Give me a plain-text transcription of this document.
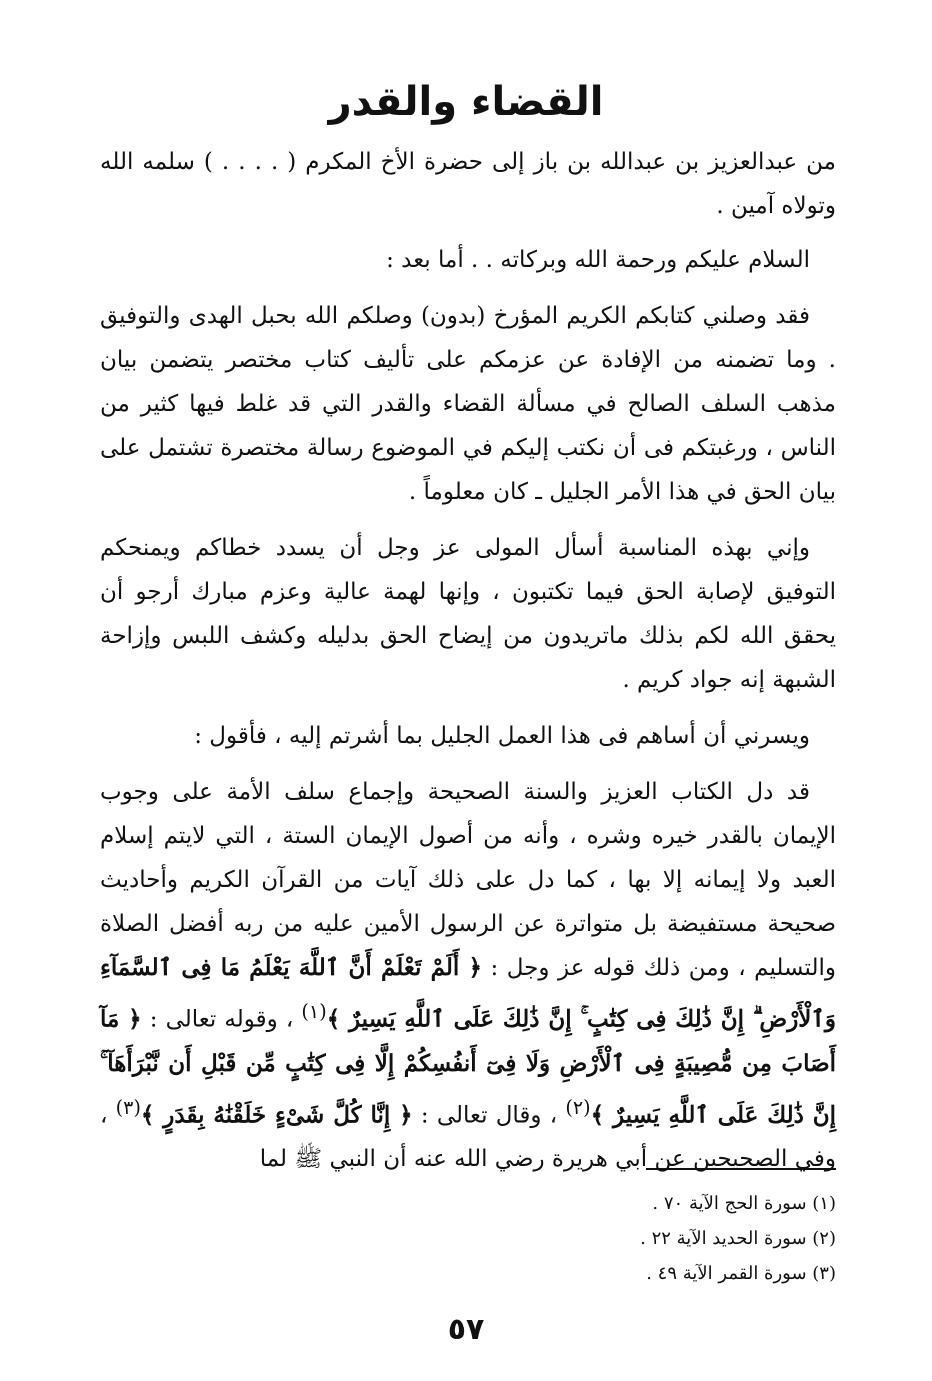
القضاء والقدر

من عبدالعزيز بن عبدالله بن باز إلى حضرة الأخ المكرم ( . . . . ) سلمه الله وتولاه آمين .

السلام عليكم ورحمة الله وبركاته . . أما بعد :

فقد وصلني كتابكم الكريم المؤرخ (بدون) وصلكم الله بحبل الهدى والتوفيق . وما تضمنه من الإفادة عن عزمكم على تأليف كتاب مختصر يتضمن بيان مذهب السلف الصالح في مسألة القضاء والقدر التي قد غلط فيها كثير من الناس ، ورغبتكم فى أن نكتب إليكم في الموضوع رسالة مختصرة تشتمل على بيان الحق في هذا الأمر الجليل ـ كان معلوماً .

وإني بهذه المناسبة أسأل المولى عز وجل أن يسدد خطاكم ويمنحكم التوفيق لإصابة الحق فيما تكتبون ، وإنها لهمة عالية وعزم مبارك أرجو أن يحقق الله لكم بذلك ماتريدون من إيضاح الحق بدليله وكشف اللبس وإزاحة الشبهة إنه جواد كريم .

ويسرني أن أساهم فى هذا العمل الجليل بما أشرتم إليه ، فأقول :

قد دل الكتاب العزيز والسنة الصحيحة وإجماع سلف الأمة على وجوب الإيمان بالقدر خيره وشره ، وأنه من أصول الإيمان الستة ، التي لايتم إسلام العبد ولا إيمانه إلا بها ، كما دل على ذلك آيات من القرآن الكريم وأحاديث صحيحة مستفيضة بل متواترة عن الرسول الأمين عليه من ربه أفضل الصلاة والتسليم ، ومن ذلك قوله عز وجل : ﴿ أَلَمْ تَعْلَمْ أَنَّ ٱللَّهَ يَعْلَمُ مَا فِى ٱلسَّمَآءِ وَٱلْأَرْضِ ۗ إِنَّ ذَٰلِكَ فِى كِتَٰبٍ ۚ إِنَّ ذَٰلِكَ عَلَى ٱللَّهِ يَسِيرٌ ﴾$^{(١)}$ ، وقوله تعالى : ﴿ مَآ أَصَابَ مِن مُّصِيبَةٍ فِى ٱلْأَرْضِ وَلَا فِىٓ أَنفُسِكُمْ إِلَّا فِى كِتَٰبٍ مِّن قَبْلِ أَن نَّبْرَأَهَآ ۚ إِنَّ ذَٰلِكَ عَلَى ٱللَّهِ يَسِيرٌ ﴾$^{(٢)}$ ، وقال تعالى : ﴿ إِنَّا كُلَّ شَىْءٍ خَلَقْنَٰهُ بِقَدَرٍ ﴾$^{(٣)}$ ، وفي الصحيحين عن أبي هريرة رضي الله عنه أن النبي ﷺ لما

(١) سورة الحج الآية ٧٠ .
(٢) سورة الحديد الآية ٢٢ .
(٣) سورة القمر الآية ٤٩ .
٥٧
